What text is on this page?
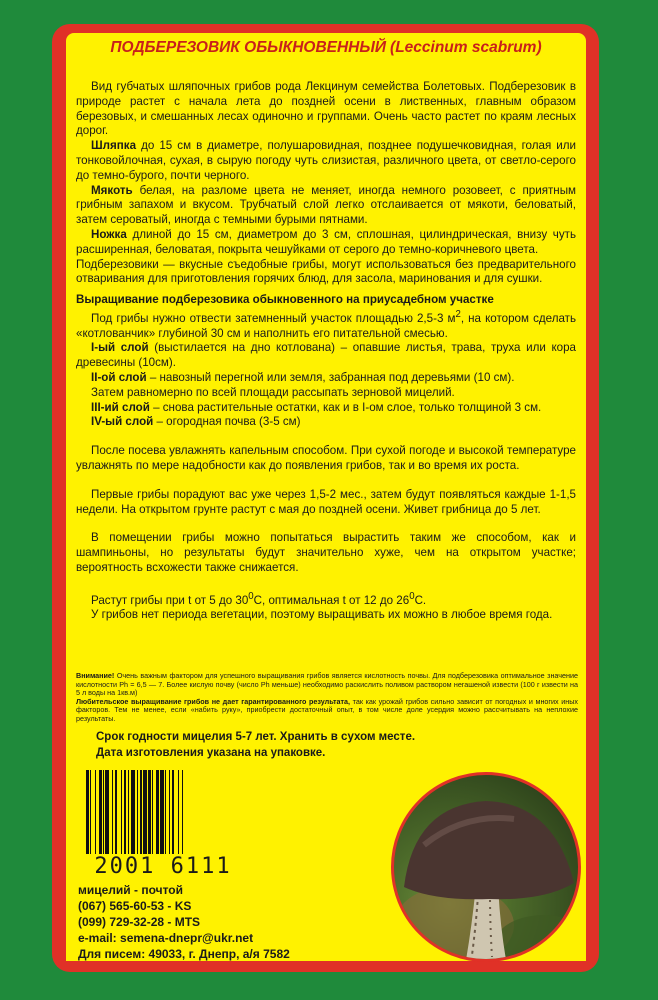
ПОДБЕРЕЗОВИК ОБЫКНОВЕННЫЙ (Leccinum scabrum)

Вид губчатых шляпочных грибов рода Лекцинум семейства Болетовых. Подберезовик в природе растет с начала лета до поздней осени в лиственных, главным образом березовых, и смешанных лесах одиночно и группами. Очень часто растет по краям лесных дорог.

Шляпка до 15 см в диаметре, полушаровидная, позднее подушечковидная, голая или тонковойлочная, сухая, в сырую погоду чуть слизистая, различного цвета, от светло-серого до темно-бурого, почти черного.

Мякоть белая, на разломе цвета не меняет, иногда немного розовеет, с приятным грибным запахом и вкусом. Трубчатый слой легко отслаивается от мякоти, беловатый, затем сероватый, иногда с темными бурыми пятнами.

Ножка длиной до 15 см, диаметром до 3 см, сплошная, цилиндрическая, внизу чуть расширенная, беловатая, покрыта чешуйками от серого до темно-коричневого цвета.

Подберезовики — вкусные съедобные грибы, могут использоваться без предварительного отваривания для приготовления горячих блюд, для засола, маринования и для сушки.

Выращивание подберезовика обыкновенного на приусадебном участке

Под грибы нужно отвести затемненный участок площадью 2,5-3 $м^2$, на котором сделать «котлованчик» глубиной 30 см и наполнить его питательной смесью.

I-ый слой (выстилается на дно котлована) – опавшие листья, трава, труха или кора древесины (10см).

II-ой слой – навозный перегной или земля, забранная под деревьями (10 см).

Затем равномерно по всей площади рассыпать зерновой мицелий.

III-ий слой – снова растительные остатки, как и в I-ом слое, только толщиной 3 см.

IV-ый слой – огородная почва (3-5 см)

После посева увлажнять капельным способом. При сухой погоде и высокой температуре увлажнять по мере надобности как до появления грибов, так и во время их роста.

Первые грибы порадуют вас уже через 1,5-2 мес., затем будут появляться каждые 1-1,5 недели. На открытом грунте растут с мая до поздней осени. Живет грибница до 5 лет.

В помещении грибы можно попытаться вырастить таким же способом, как и шампиньоны, но результаты будут значительно хуже, чем на открытом участке; вероятность всхожести также снижается.

Растут грибы при t от 5 до $30^0C$, оптимальная t от 12 до $26^0C$.

У грибов нет периода вегетации, поэтому выращивать их можно в любое время года.

Внимание! Очень важным фактором для успешного выращивания грибов является кислотность почвы. Для подберезовика оптимальное значение кислотности Ph = 6,5 — 7. Более кислую почву (число Ph меньше) необходимо раскислить поливом раствором негашеной извести (100 г извести на 5 л воды на 1кв.м)

Любительское выращивание грибов не дает гарантированного результата, так как урожай грибов сильно зависит от погодных и многих иных факторов. Тем не менее, если «набить руку», приобрести достаточный опыт, в том числе доле усердия можно рассчитывать на неплохие результаты.

Срок годности мицелия 5-7 лет. Хранить в сухом месте.
Дата изготовления указана на упаковке.
2001 6111
мицелий - почтой
(067) 565-60-53 - KS
(099) 729-32-28 - MTS
e-mail: semena-dnepr@ukr.net
Для писем: 49033, г. Днепр, а/я 7582
